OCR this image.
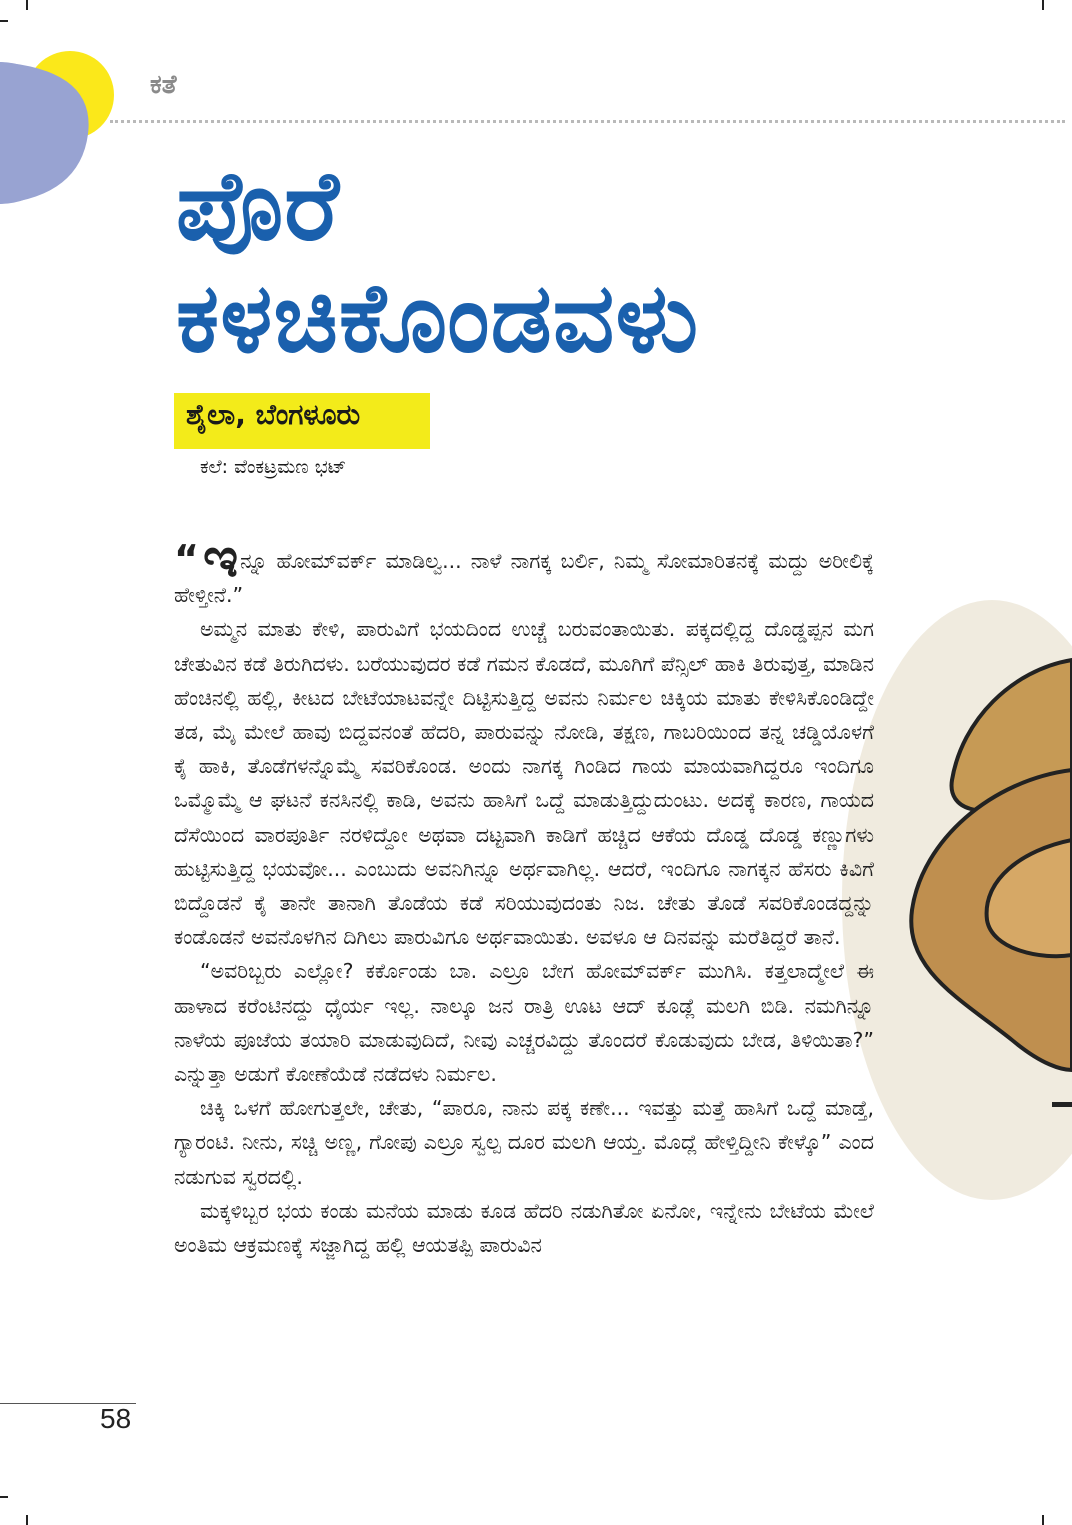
ಕತೆ
ಪೊರೆ
ಕಳಚಿಕೊಂಡವಳು
ಶೈಲಾ, ಬೆಂಗಳೂರು
ಕಲೆ: ವೆಂಕಟ್ರಮಣ ಭಟ್

“ಇನ್ನೂ ಹೋಮ್‌ವರ್ಕ್ ಮಾಡಿಲ್ವ... ನಾಳೆ ನಾಗಕ್ಕ ಬರ್ಲಿ, ನಿಮ್ಮ ಸೋಮಾರಿತನಕ್ಕೆ ಮದ್ದು ಅರೀಲಿಕ್ಕೆ ಹೇಳ್ತೀನೆ.”

ಅಮ್ಮನ ಮಾತು ಕೇಳಿ, ಪಾರುವಿಗೆ ಭಯದಿಂದ ಉಚ್ಚೆ ಬರುವಂತಾಯಿತು. ಪಕ್ಕದಲ್ಲಿದ್ದ ದೊಡ್ಡಪ್ಪನ ಮಗ ಚೇತುವಿನ ಕಡೆ ತಿರುಗಿದಳು. ಬರೆಯುವುದರ ಕಡೆ ಗಮನ ಕೊಡದೆ, ಮೂಗಿಗೆ ಪೆನ್ಸಿಲ್ ಹಾಕಿ ತಿರುವುತ್ತ, ಮಾಡಿನ ಹೆಂಚಿನಲ್ಲಿ ಹಲ್ಲಿ, ಕೀಟದ ಬೇಟೆಯಾಟವನ್ನೇ ದಿಟ್ಟಿಸುತ್ತಿದ್ದ ಅವನು ನಿರ್ಮಲ ಚಿಕ್ಕಿಯ ಮಾತು ಕೇಳಿಸಿಕೊಂಡಿದ್ದೇ ತಡ, ಮೈ ಮೇಲೆ ಹಾವು ಬಿದ್ದವನಂತೆ ಹೆದರಿ, ಪಾರುವನ್ನು ನೋಡಿ, ತಕ್ಷಣ, ಗಾಬರಿಯಿಂದ ತನ್ನ ಚಡ್ಡಿಯೊಳಗೆ ಕೈ ಹಾಕಿ, ತೊಡೆಗಳನ್ನೊಮ್ಮೆ ಸವರಿಕೊಂಡ. ಅಂದು ನಾಗಕ್ಕ ಗಿಂಡಿದ ಗಾಯ ಮಾಯವಾಗಿದ್ದರೂ ಇಂದಿಗೂ ಒಮ್ಮೊಮ್ಮೆ ಆ ಘಟನೆ ಕನಸಿನಲ್ಲಿ ಕಾಡಿ, ಅವನು ಹಾಸಿಗೆ ಒದ್ದೆ ಮಾಡುತ್ತಿದ್ದುದುಂಟು. ಅದಕ್ಕೆ ಕಾರಣ, ಗಾಯದ ದೆಸೆಯಿಂದ ವಾರಪೂರ್ತಿ ನರಳಿದ್ದೋ ಅಥವಾ ದಟ್ಟವಾಗಿ ಕಾಡಿಗೆ ಹಚ್ಚಿದ ಆಕೆಯ ದೊಡ್ಡ ದೊಡ್ಡ ಕಣ್ಣುಗಳು ಹುಟ್ಟಿಸುತ್ತಿದ್ದ ಭಯವೋ... ಎಂಬುದು ಅವನಿಗಿನ್ನೂ ಅರ್ಥವಾಗಿಲ್ಲ. ಆದರೆ, ಇಂದಿಗೂ ನಾಗಕ್ಕನ ಹೆಸರು ಕಿವಿಗೆ ಬಿದ್ದೊಡನೆ ಕೈ ತಾನೇ ತಾನಾಗಿ ತೊಡೆಯ ಕಡೆ ಸರಿಯುವುದಂತು ನಿಜ. ಚೇತು ತೊಡೆ ಸವರಿಕೊಂಡದ್ದನ್ನು ಕಂಡೊಡನೆ ಅವನೊಳಗಿನ ದಿಗಿಲು ಪಾರುವಿಗೂ ಅರ್ಥವಾಯಿತು. ಅವಳೂ ಆ ದಿನವನ್ನು ಮರೆತಿದ್ದರೆ ತಾನೆ.

“ಅವರಿಬ್ಬರು ಎಲ್ಲೋ? ಕರ್ಕೊಂಡು ಬಾ. ಎಲ್ರೂ ಬೇಗ ಹೋಮ್‌ವರ್ಕ್ ಮುಗಿಸಿ. ಕತ್ತಲಾದ್ಮೇಲೆ ಈ ಹಾಳಾದ ಕರೆಂಟಿನದ್ದು ಧೈರ್ಯ ಇಲ್ಲ. ನಾಲ್ಕೂ ಜನ ರಾತ್ರಿ ಊಟ ಆದ್ ಕೂಡ್ಲೆ ಮಲಗಿ ಬಿಡಿ. ನಮಗಿನ್ನೂ ನಾಳೆಯ ಪೂಜೆಯ ತಯಾರಿ ಮಾಡುವುದಿದೆ, ನೀವು ಎಚ್ಚರವಿದ್ದು ತೊಂದರೆ ಕೊಡುವುದು ಬೇಡ, ತಿಳಿಯಿತಾ?” ಎನ್ನುತ್ತಾ ಅಡುಗೆ ಕೋಣೆಯೆಡೆ ನಡೆದಳು ನಿರ್ಮಲ.

ಚಿಕ್ಕಿ ಒಳಗೆ ಹೋಗುತ್ತಲೇ, ಚೇತು, “ಪಾರೂ, ನಾನು ಪಕ್ಕ ಕಣೇ... ಇವತ್ತು ಮತ್ತೆ ಹಾಸಿಗೆ ಒದ್ದೆ ಮಾಡ್ತೆ, ಗ್ಯಾರಂಟಿ. ನೀನು, ಸಚ್ಚಿ ಅಣ್ಣ, ಗೋಪು ಎಲ್ರೂ ಸ್ವಲ್ಪ ದೂರ ಮಲಗಿ ಆಯ್ತ. ಮೊದ್ಲೆ ಹೇಳ್ತಿದ್ದೀನಿ ಕೇಳ್ಕೊ” ಎಂದ ನಡುಗುವ ಸ್ವರದಲ್ಲಿ.

ಮಕ್ಕಳಿಬ್ಬರ ಭಯ ಕಂಡು ಮನೆಯ ಮಾಡು ಕೂಡ ಹೆದರಿ ನಡುಗಿತೋ ಏನೋ, ಇನ್ನೇನು ಬೇಟೆಯ ಮೇಲೆ ಅಂತಿಮ ಆಕ್ರಮಣಕ್ಕೆ ಸಜ್ಜಾಗಿದ್ದ ಹಲ್ಲಿ ಆಯತಪ್ಪಿ ಪಾರುವಿನ

58
